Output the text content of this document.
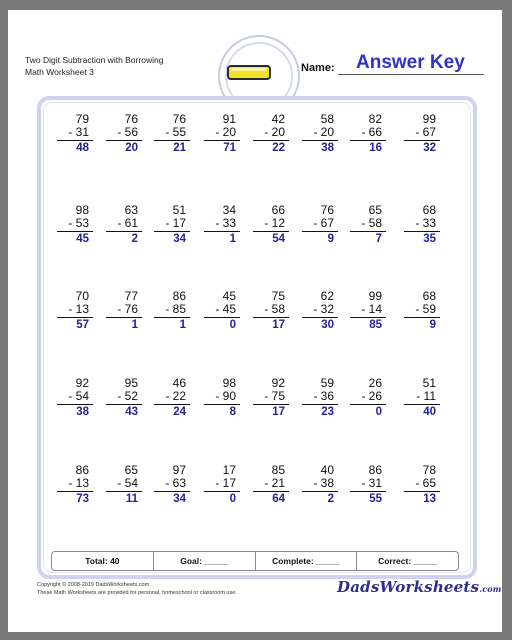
Two Digit Subtraction with Borrowing
Math Worksheet 3	Name: Answer Key
79
- 31
48
76
- 56
20
76
- 55
21
91
- 20
71
42
- 20
22
58
- 20
38
82
- 66
16
99
- 67
32
98
- 53
45
63
- 61
2
51
- 17
34
34
- 33
1
66
- 12
54
76
- 67
9
65
- 58
7
68
- 33
35
70
- 13
57
77
- 76
1
86
- 85
1
45
- 45
0
75
- 58
17
62
- 32
30
99
- 14
85
68
- 59
9
92
- 54
38
95
- 52
43
46
- 22
24
98
- 90
8
92
- 75
17
59
- 36
23
26
- 26
0
51
- 11
40
86
- 13
73
65
- 54
11
97
- 63
34
17
- 17
0
85
- 21
64
40
- 38
2
86
- 31
55
78
- 65
13
Total: 40	Goal: _____	Complete: _____	Correct: _____
Copyright © 2008-2019 DadsWorksheets.com
These Math Worksheets are provided for personal, homeschool or classroom use.	DadsWorksheets.com
